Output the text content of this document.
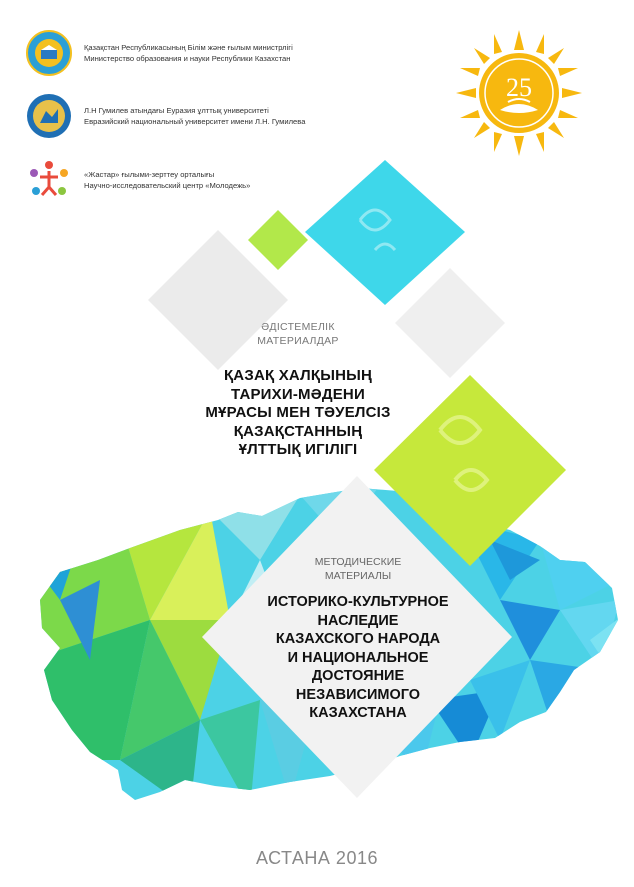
Қазақстан Республикасының Білім және ғылым министрлігі
Министерство образования и науки Республики Казахстан
Л.Н Гумилев атындағы Еуразия ұлттық университеті
Евразийский национальный университет имени Л.Н. Гумилева
«Жастар» ғылыми-зерттеу орталығы
Научно-исследовательский центр «Молодежь»
25
ӘДІСТЕМЕЛІК
МАТЕРИАЛДАР
ҚАЗАҚ ХАЛҚЫНЫҢ
ТАРИХИ-МӘДЕНИ
МҰРАСЫ МЕН ТӘУЕЛСІЗ
ҚАЗАҚСТАННЫҢ
ҰЛТТЫҚ ИГІЛІГІ
МЕТОДИЧЕСКИЕ
МАТЕРИАЛЫ
ИСТОРИКО-КУЛЬТУРНОЕ
НАСЛЕДИЕ
КАЗАХСКОГО НАРОДА
И НАЦИОНАЛЬНОЕ
ДОСТОЯНИЕ
НЕЗАВИСИМОГО
КАЗАХСТАНА
АСТАНА 2016
